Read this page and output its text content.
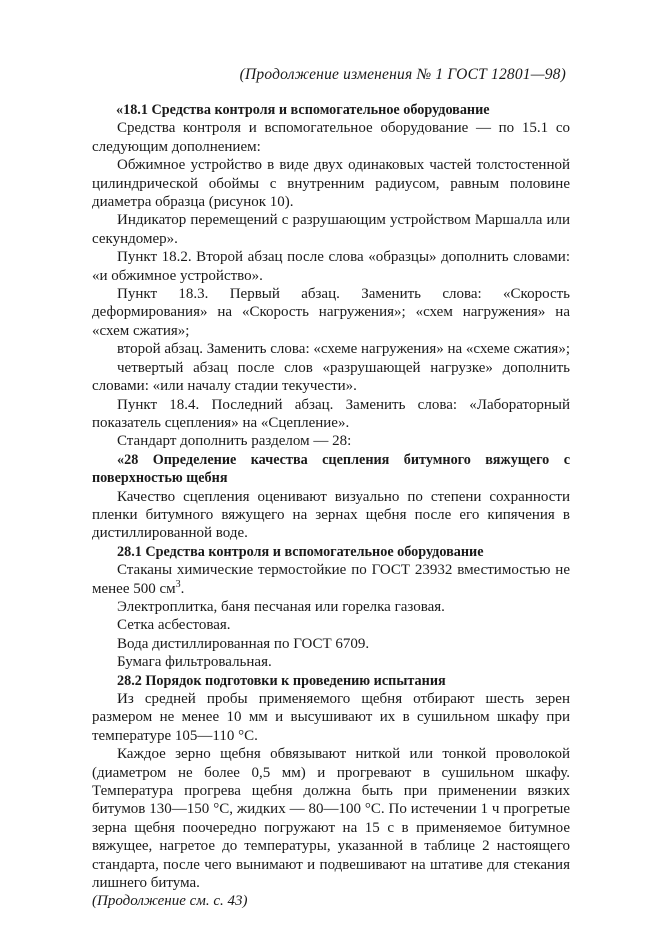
(Продолжение изменения № 1 ГОСТ 12801—98)

«18.1 Средства контроля и вспомогательное оборудование

Средства контроля и вспомогательное оборудование — по 15.1 со следующим дополнением:

Обжимное устройство в виде двух одинаковых частей толстостенной цилиндрической обоймы с внутренним радиусом, равным половине диаметра образца (рисунок 10).

Индикатор перемещений с разрушающим устройством Маршалла или секундомер».

Пункт 18.2. Второй абзац после слова «образцы» дополнить словами: «и обжимное устройство».

Пункт 18.3. Первый абзац. Заменить слова: «Скорость деформирования» на «Скорость нагружения»; «схем нагружения» на «схем сжатия»;

второй абзац. Заменить слова: «схеме нагружения» на «схеме сжатия»;

четвертый абзац после слов «разрушающей нагрузке» дополнить словами: «или началу стадии текучести».

Пункт 18.4. Последний абзац. Заменить слова: «Лабораторный показатель сцепления» на «Сцепление».

Стандарт дополнить разделом — 28:

«28 Определение качества сцепления битумного вяжущего с поверхностью щебня

Качество сцепления оценивают визуально по степени сохранности пленки битумного вяжущего на зернах щебня после его кипячения в дистиллированной воде.

28.1 Средства контроля и вспомогательное оборудование

Стаканы химические термостойкие по ГОСТ 23932 вместимостью не менее 500 $см^3$.

Электроплитка, баня песчаная или горелка газовая.

Сетка асбестовая.

Вода дистиллированная по ГОСТ 6709.

Бумага фильтровальная.

28.2 Порядок подготовки к проведению испытания

Из средней пробы применяемого щебня отбирают шесть зерен размером не менее 10 мм и высушивают их в сушильном шкафу при температуре 105—110 °С.

Каждое зерно щебня обвязывают ниткой или тонкой проволокой (диаметром не более 0,5 мм) и прогревают в сушильном шкафу. Температура прогрева щебня должна быть при применении вязких битумов 130—150 °С, жидких — 80—100 °С. По истечении 1 ч прогретые зерна щебня поочередно погружают на 15 с в применяемое битумное вяжущее, нагретое до температуры, указанной в таблице 2 настоящего стандарта, после чего вынимают и подвешивают на штативе для стекания лишнего битума.

(Продолжение см. с. 43)
